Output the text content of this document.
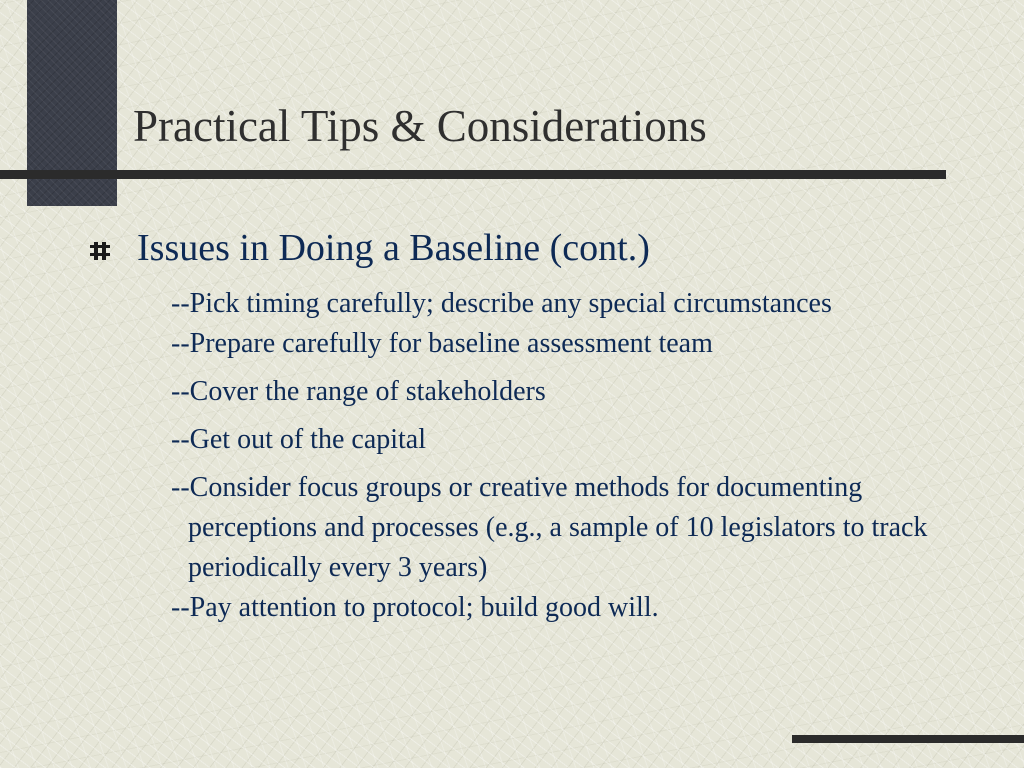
Practical Tips & Considerations
Issues in Doing a Baseline (cont.)
--Pick timing carefully; describe any special circumstances
--Prepare carefully for baseline assessment team
--Cover the range of stakeholders
--Get out of the capital
--Consider focus groups or creative methods for documenting perceptions and processes (e.g., a sample of 10 legislators to track periodically every 3 years)
--Pay attention to protocol; build good will.
